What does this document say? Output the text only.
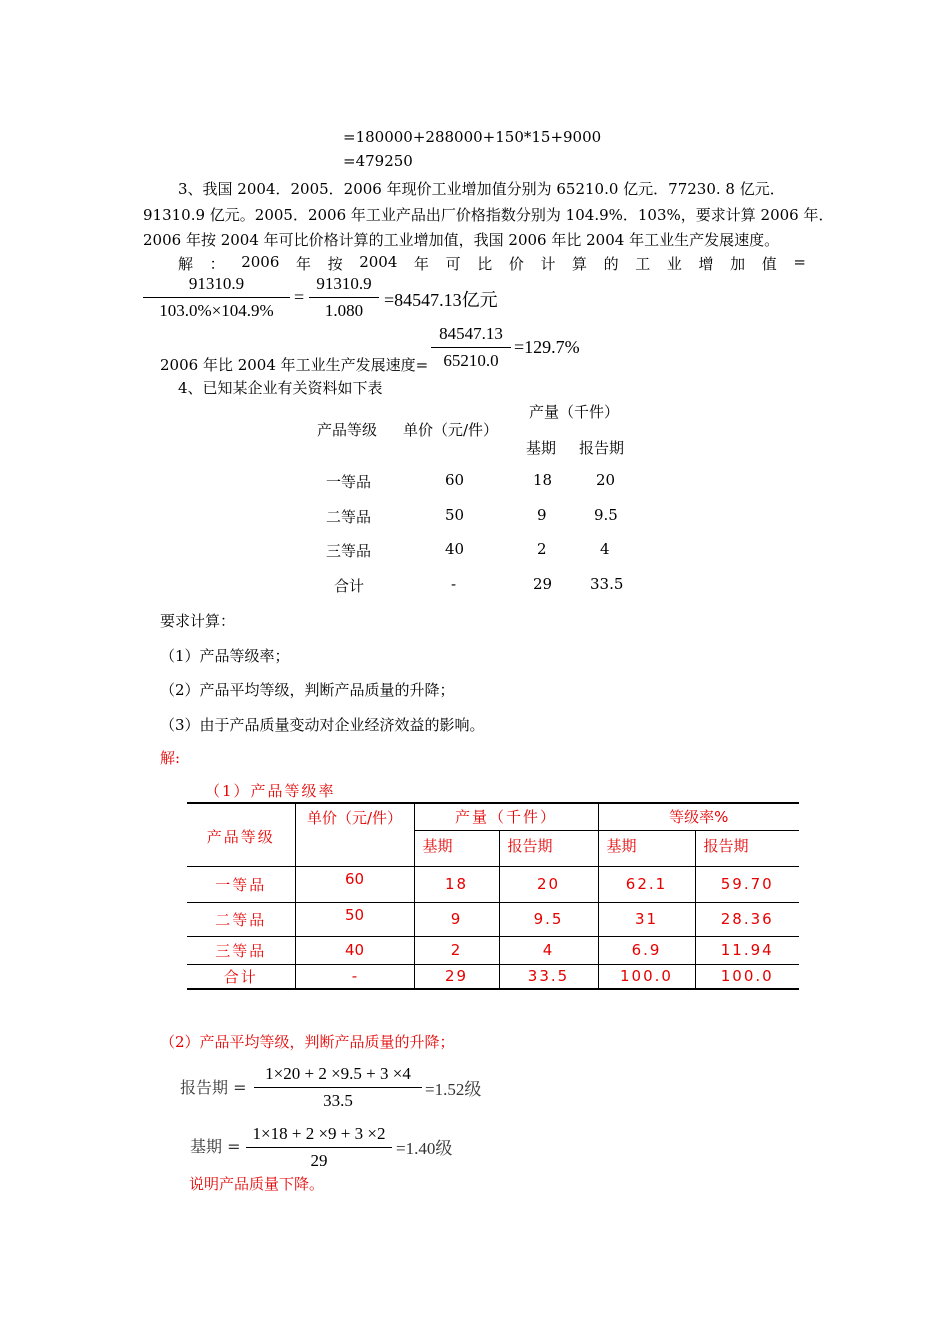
=180000+288000+150*15+9000
=479250
3、我国 2004．2005．2006 年现价工业增加值分别为 65210.0 亿元．77230. 8 亿元．
91310.9 亿元。2005．2006 年工业产品出厂价格指数分别为 104.9%．103%，要求计算 2006 年．
2006 年按 2004 年可比价格计算的工业增加值，我国 2006 年比 2004 年工业生产发展速度。
解 ： 2006 年 按 2004 年 可 比 价 计 算 的 工 业 增 加 值 =
$\frac{91310.9}{103.0\%\times 104.9\%} = \frac{91310.9}{1.080} =84547.13$亿元
2006 年比 2004 年工业生产发展速度= $\frac{84547.13}{65210.0} =129.7\%$
4、已知某企业有关资料如下表
产品等级 单价（元/件）
产量（千件）
基期 报告期
一等品	60	18	20
二等品	50	9	9.5
三等品	40	2	4
合计	-	29	33.5
要求计算：
（1）产品等级率；
（2）产品平均等级，判断产品质量的升降；
（3）由于产品质量变动对企业经济效益的影响。
解:
（1）产品等级率
产品等级	单价（元/件）	产量（千件）		等级率%	
		基期	报告期	基期	报告期
一等品	60	18	20	62.1	59.70
二等品	50	9	9.5	31	28.36
三等品	40	2	4	6.9	11.94
合计	-	29	33.5	100.0	100.0
（2）产品平均等级，判断产品质量的升降；
报告期 = $\frac{1\times 20 + 2 \times 9.5 + 3 \times 4}{33.5} =1.52$级
基期 = $\frac{1\times 18 + 2 \times 9 + 3 \times 2}{29} =1.40$级
说明产品质量下降。
